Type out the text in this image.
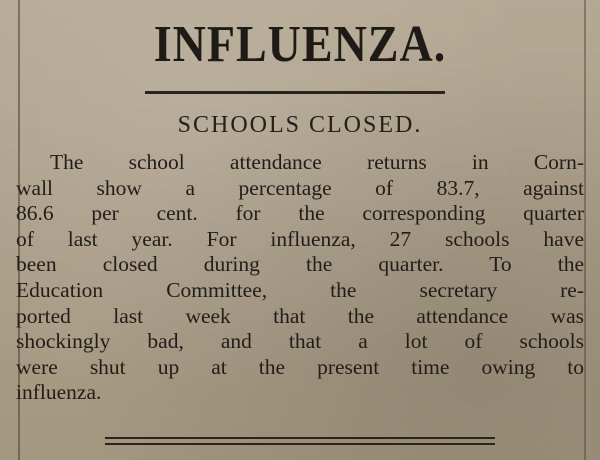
INFLUENZA.
SCHOOLS CLOSED.
The school attendance returns in Corn-
wall show a percentage of 83.7, against
86.6 per cent. for the corresponding quarter
of last year. For influenza, 27 schools have
been closed during the quarter. To the
Education Committee, the secretary re-
ported last week that the attendance was
shockingly bad, and that a lot of schools
were shut up at the present time owing to
influenza.
